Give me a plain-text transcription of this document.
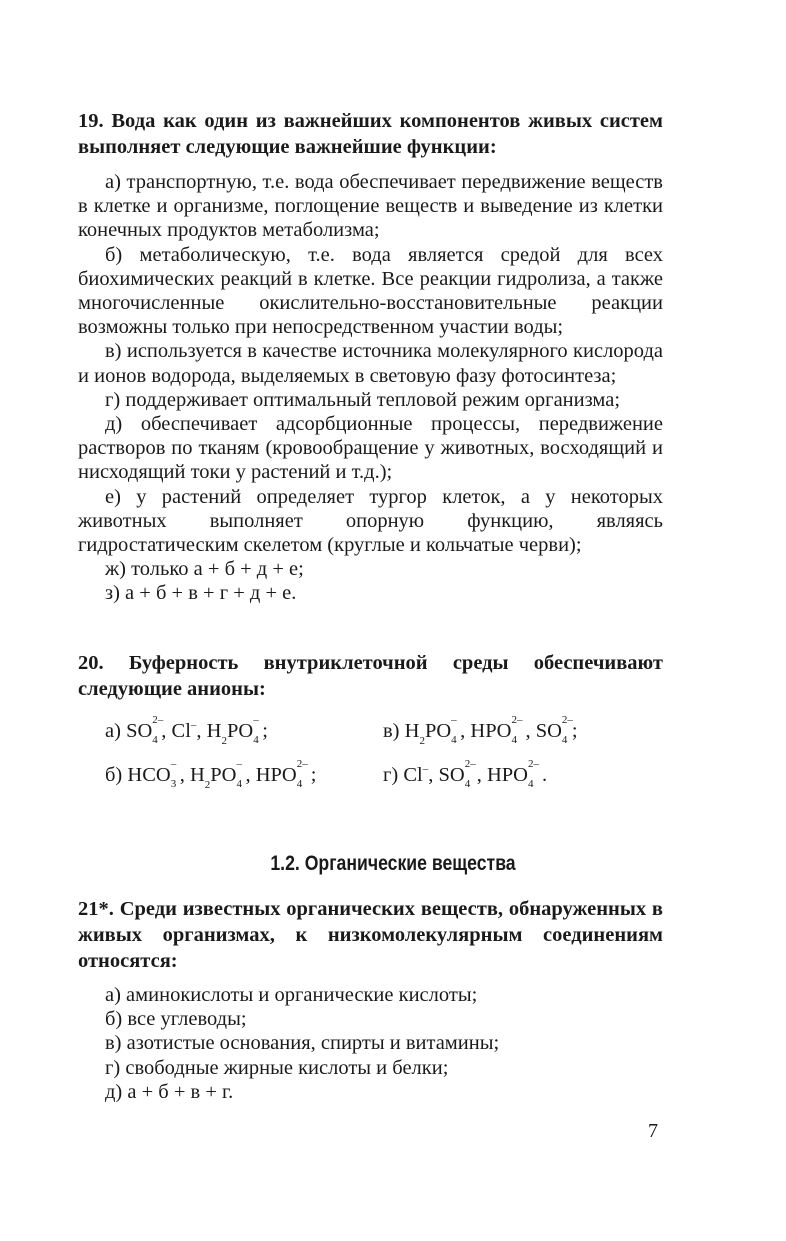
19. Вода как один из важнейших компонентов живых систем выполняет следующие важнейшие функции:

а) транспортную, т.е. вода обеспечивает передвижение веществ в клетке и организме, поглощение веществ и выведение из клетки конечных продуктов метаболизма;

б) метаболическую, т.е. вода является средой для всех биохимических реакций в клетке. Все реакции гидролиза, а также многочисленные окислительно-восстановительные реакции возможны только при непосредственном участии воды;

в) используется в качестве источника молекулярного кислорода и ионов водорода, выделяемых в световую фазу фотосинтеза;

г) поддерживает оптимальный тепловой режим организма;

д) обеспечивает адсорбционные процессы, передвижение растворов по тканям (кровообращение у животных, восходящий и нисходящий токи у растений и т.д.);

е) у растений определяет тургор клеток, а у некоторых животных выполняет опорную функцию, являясь гидростатическим скелетом (круглые и кольчатые черви);

ж) только а + б + д + е;

з) а + б + в + г + д + е.

20. Буферность внутриклеточной среды обеспечивают следующие анионы:
а) SO 2–
4 , Cl–, $H_2PO$ –
4 ;	в) $H_2PO$ –
4 , HPO 2–
4 , SO 2–
4 ;
б) HCO –
3 , $H_2PO$ –
4 , HPO 2–
4 ;	г) Cl–, SO 2–
4 , HPO 2–
4 .
1.2. Органические вещества
21*. Среди известных органических веществ, обнаруженных в живых организмах, к низкомолекулярным соединениям относятся:

а) аминокислоты и органические кислоты;

б) все углеводы;

в) азотистые основания, спирты и витамины;

г) свободные жирные кислоты и белки;

д) а + б + в + г.

7
